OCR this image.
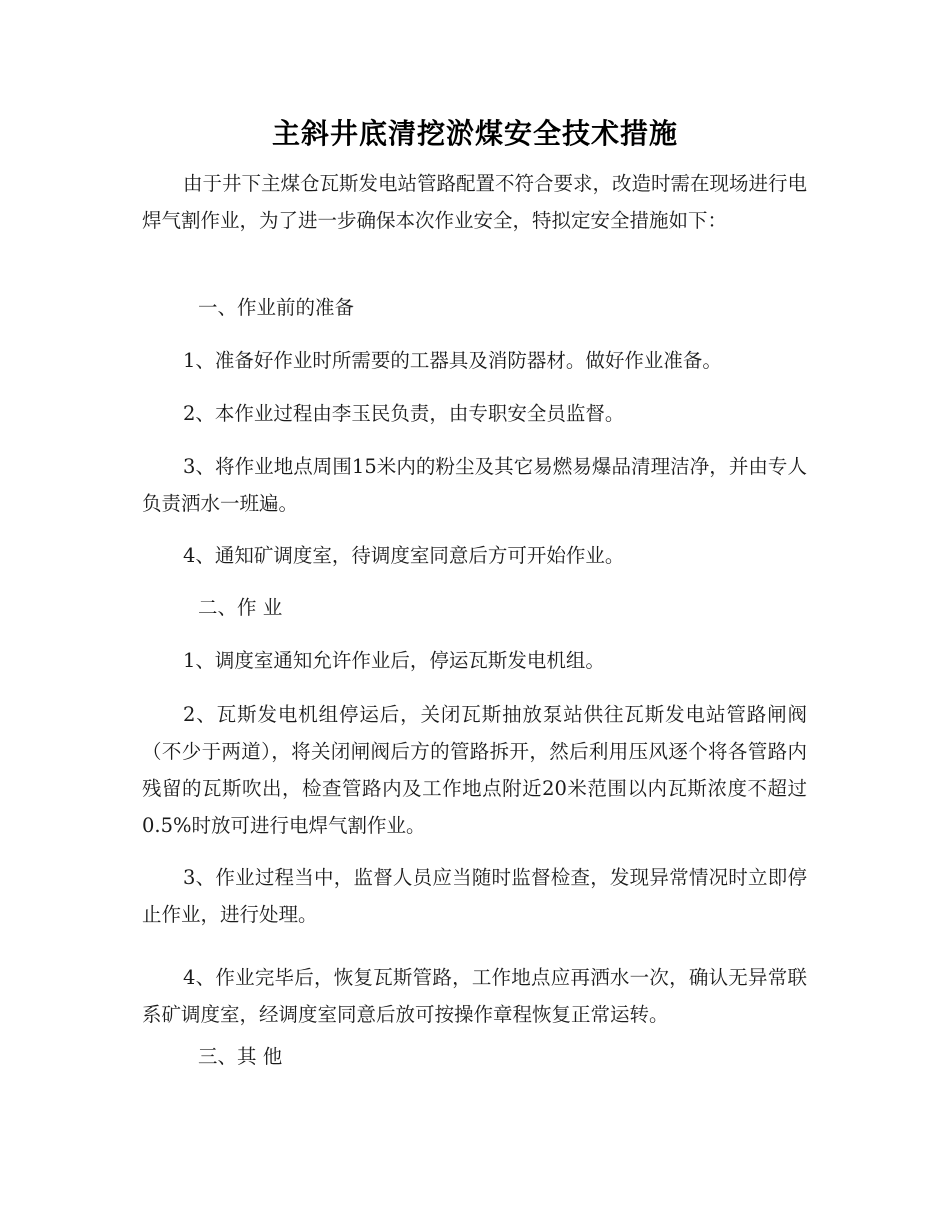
主斜井底清挖淤煤安全技术措施

由于井下主煤仓瓦斯发电站管路配置不符合要求，改造时需在现场进行电焊气割作业，为了进一步确保本次作业安全，特拟定安全措施如下：

一、作业前的准备

1、准备好作业时所需要的工器具及消防器材。做好作业准备。

2、本作业过程由李玉民负责，由专职安全员监督。

3、将作业地点周围15米内的粉尘及其它易燃易爆品清理洁净，并由专人负责洒水一班遍。

4、通知矿调度室，待调度室同意后方可开始作业。

二、作 业

1、调度室通知允许作业后，停运瓦斯发电机组。

2、瓦斯发电机组停运后，关闭瓦斯抽放泵站供往瓦斯发电站管路闸阀（不少于两道），将关闭闸阀后方的管路拆开，然后利用压风逐个将各管路内残留的瓦斯吹出，检查管路内及工作地点附近20米范围以内瓦斯浓度不超过0.5%时放可进行电焊气割作业。

3、作业过程当中，监督人员应当随时监督检查，发现异常情况时立即停止作业，进行处理。

4、作业完毕后，恢复瓦斯管路，工作地点应再洒水一次，确认无异常联系矿调度室，经调度室同意后放可按操作章程恢复正常运转。

三、其 他
